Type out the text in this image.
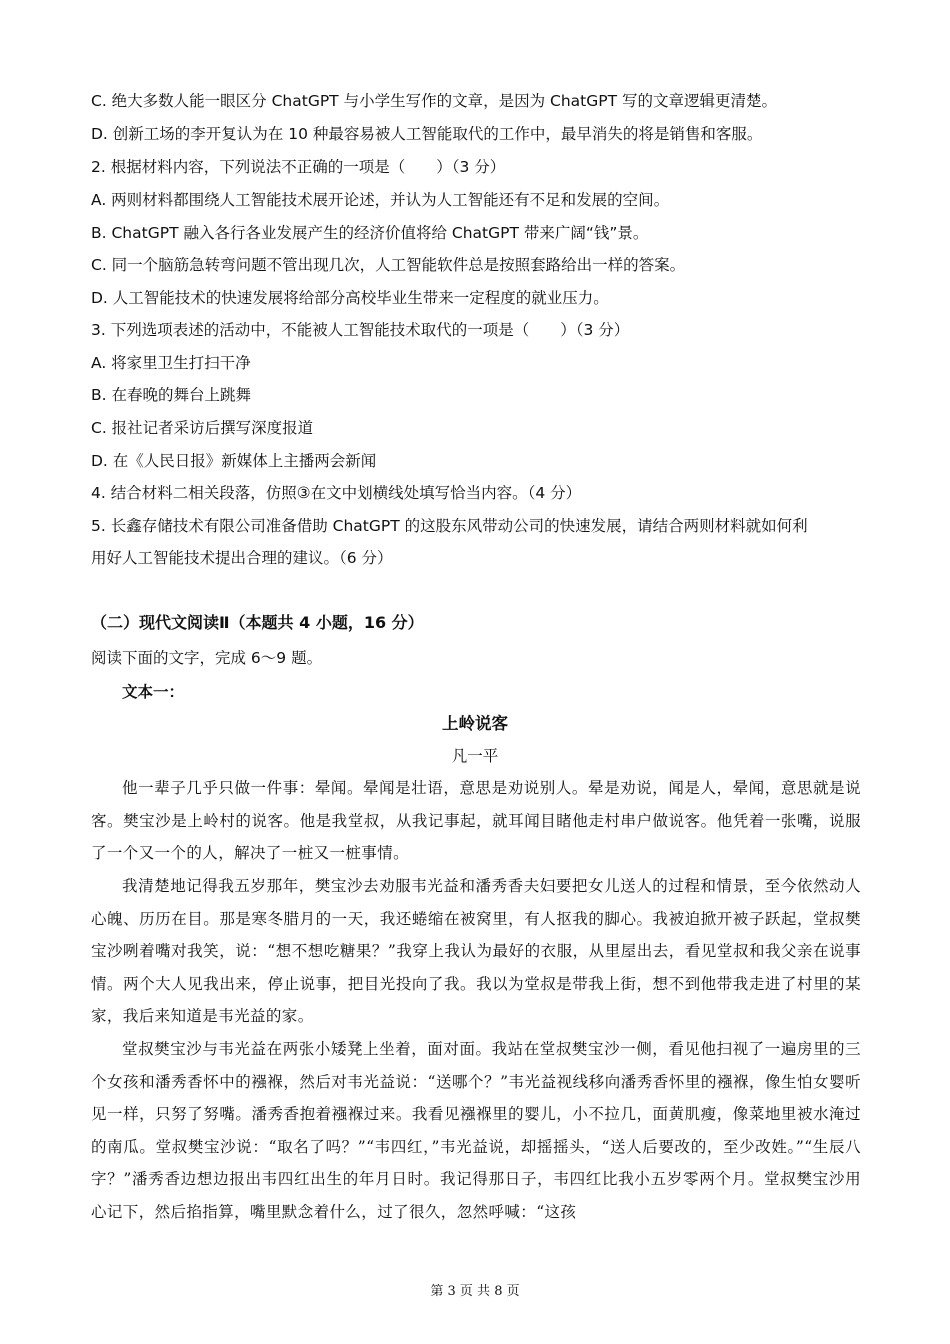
C. 绝大多数人能一眼区分 ChatGPT 与小学生写作的文章，是因为 ChatGPT 写的文章逻辑更清楚。
D. 创新工场的李开复认为在 10 种最容易被人工智能取代的工作中，最早消失的将是销售和客服。
2. 根据材料内容，下列说法不正确的一项是（　　）（3 分）
A. 两则材料都围绕人工智能技术展开论述，并认为人工智能还有不足和发展的空间。
B. ChatGPT 融入各行各业发展产生的经济价值将给 ChatGPT 带来广阔“钱”景。
C. 同一个脑筋急转弯问题不管出现几次，人工智能软件总是按照套路给出一样的答案。
D. 人工智能技术的快速发展将给部分高校毕业生带来一定程度的就业压力。
3. 下列选项表述的活动中，不能被人工智能技术取代的一项是（　　）（3 分）
A. 将家里卫生打扫干净
B. 在春晚的舞台上跳舞
C. 报社记者采访后撰写深度报道
D. 在《人民日报》新媒体上主播两会新闻
4. 结合材料二相关段落，仿照③在文中划横线处填写恰当内容。（4 分）
5. 长鑫存储技术有限公司准备借助 ChatGPT 的这股东风带动公司的快速发展，请结合两则材料就如何利
用好人工智能技术提出合理的建议。（6 分）
（二）现代文阅读Ⅱ（本题共 4 小题，16 分）
阅读下面的文字，完成 6～9 题。
文本一：
上岭说客
凡一平
他一辈子几乎只做一件事：晕闻。晕闻是壮语，意思是劝说别人。晕是劝说，闻是人，晕闻，意思就是说客。樊宝沙是上岭村的说客。他是我堂叔，从我记事起，就耳闻目睹他走村串户做说客。他凭着一张嘴，说服了一个又一个的人，解决了一桩又一桩事情。
我清楚地记得我五岁那年，樊宝沙去劝服韦光益和潘秀香夫妇要把女儿送人的过程和情景，至今依然动人心魄、历历在目。那是寒冬腊月的一天，我还蜷缩在被窝里，有人抠我的脚心。我被迫掀开被子跃起，堂叔樊宝沙咧着嘴对我笑，说：“想不想吃糖果？”我穿上我认为最好的衣服，从里屋出去，看见堂叔和我父亲在说事情。两个大人见我出来，停止说事，把目光投向了我。我以为堂叔是带我上街，想不到他带我走进了村里的某家，我后来知道是韦光益的家。
堂叔樊宝沙与韦光益在两张小矮凳上坐着，面对面。我站在堂叔樊宝沙一侧，看见他扫视了一遍房里的三个女孩和潘秀香怀中的襁褓，然后对韦光益说：“送哪个？”韦光益视线移向潘秀香怀里的襁褓，像生怕女婴听见一样，只努了努嘴。潘秀香抱着襁褓过来。我看见襁褓里的婴儿，小不拉几，面黄肌瘦，像菜地里被水淹过的南瓜。堂叔樊宝沙说：“取名了吗？”“韦四红，”韦光益说，却摇摇头，“送人后要改的，至少改姓。”“生辰八字？”潘秀香边想边报出韦四红出生的年月日时。我记得那日子，韦四红比我小五岁零两个月。堂叔樊宝沙用心记下，然后掐指算，嘴里默念着什么，过了很久，忽然呼喊：“这孩
第 3 页 共 8 页
